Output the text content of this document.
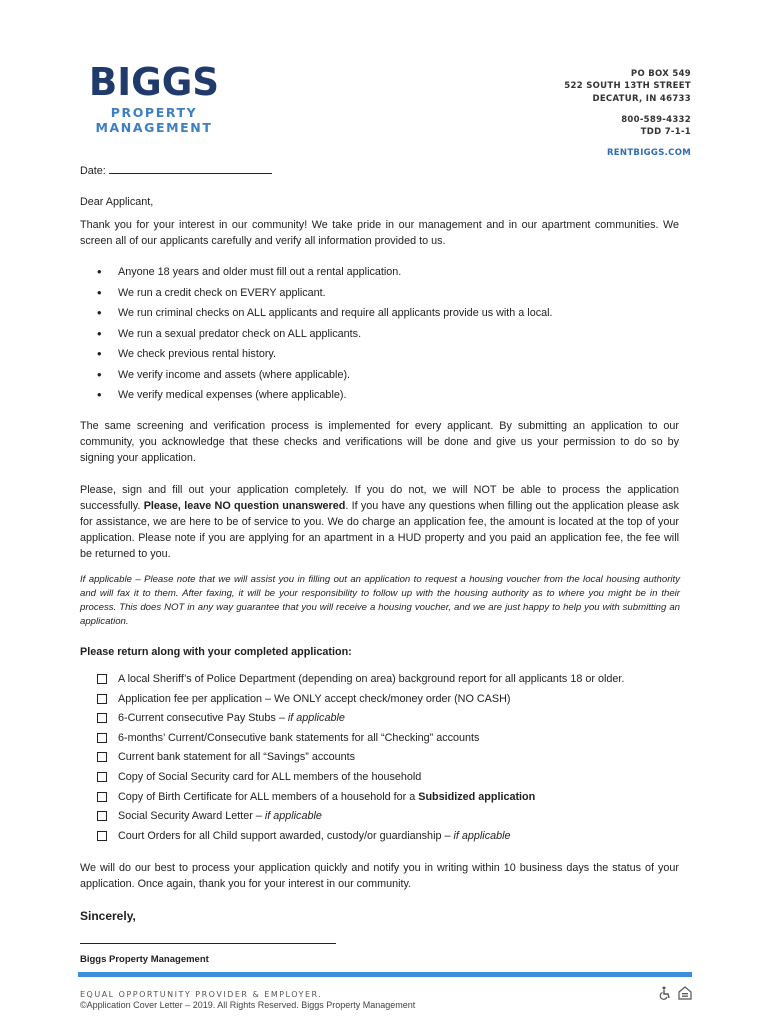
BIGGS
PROPERTY
MANAGEMENT
PO BOX 549
522 SOUTH 13TH STREET
DECATUR, IN 46733
800-589-4332
TDD 7-1-1
RENTBIGGS.COM
Date:
Dear Applicant,
Thank you for your interest in our community! We take pride in our management and in our apartment communities. We screen all of our applicants carefully and verify all information provided to us.
• Anyone 18 years and older must fill out a rental application.
• We run a credit check on EVERY applicant.
• We run criminal checks on ALL applicants and require all applicants provide us with a local.
• We run a sexual predator check on ALL applicants.
• We check previous rental history.
• We verify income and assets (where applicable).
• We verify medical expenses (where applicable).
The same screening and verification process is implemented for every applicant. By submitting an application to our community, you acknowledge that these checks and verifications will be done and give us your permission to do so by signing your application.
Please, sign and fill out your application completely. If you do not, we will NOT be able to process the application successfully. Please, leave NO question unanswered. If you have any questions when filling out the application please ask for assistance, we are here to be of service to you. We do charge an application fee, the amount is located at the top of your application. Please note if you are applying for an apartment in a HUD property and you paid an application fee, the fee will be returned to you.
If applicable – Please note that we will assist you in filling out an application to request a housing voucher from the local housing authority and will fax it to them. After faxing, it will be your responsibility to follow up with the housing authority as to where you might be in their process. This does NOT in any way guarantee that you will receive a housing voucher, and we are just happy to help you with submitting an application.
Please return along with your completed application:
A local Sheriff’s of Police Department (depending on area) background report for all applicants 18 or older.
Application fee per application – We ONLY accept check/money order (NO CASH)
6-Current consecutive Pay Stubs – if applicable
6-months’ Current/Consecutive bank statements for all “Checking” accounts
Current bank statement for all “Savings” accounts
Copy of Social Security card for ALL members of the household
Copy of Birth Certificate for ALL members of a household for a Subsidized application
Social Security Award Letter – if applicable
Court Orders for all Child support awarded, custody/or guardianship – if applicable
We will do our best to process your application quickly and notify you in writing within 10 business days the status of your application. Once again, thank you for your interest in our community.
Sincerely,
Biggs Property Management
EQUAL OPPORTUNITY PROVIDER & EMPLOYER.
©Application Cover Letter – 2019. All Rights Reserved. Biggs Property Management
